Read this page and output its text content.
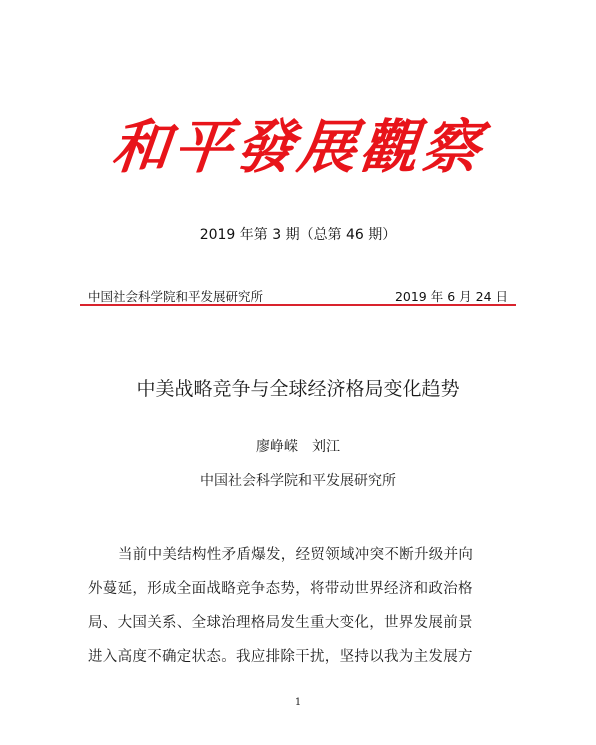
和平發展觀察
2019 年第 3 期（总第 46 期）
中国社会科学院和平发展研究所	2019 年 6 月 24 日
中美战略竞争与全球经济格局变化趋势
廖峥嵘　刘江
中国社会科学院和平发展研究所
当前中美结构性矛盾爆发，经贸领域冲突不断升级并向
外蔓延，形成全面战略竞争态势，将带动世界经济和政治格
局、大国关系、全球治理格局发生重大变化，世界发展前景
进入高度不确定状态。我应排除干扰，坚持以我为主发展方
1
